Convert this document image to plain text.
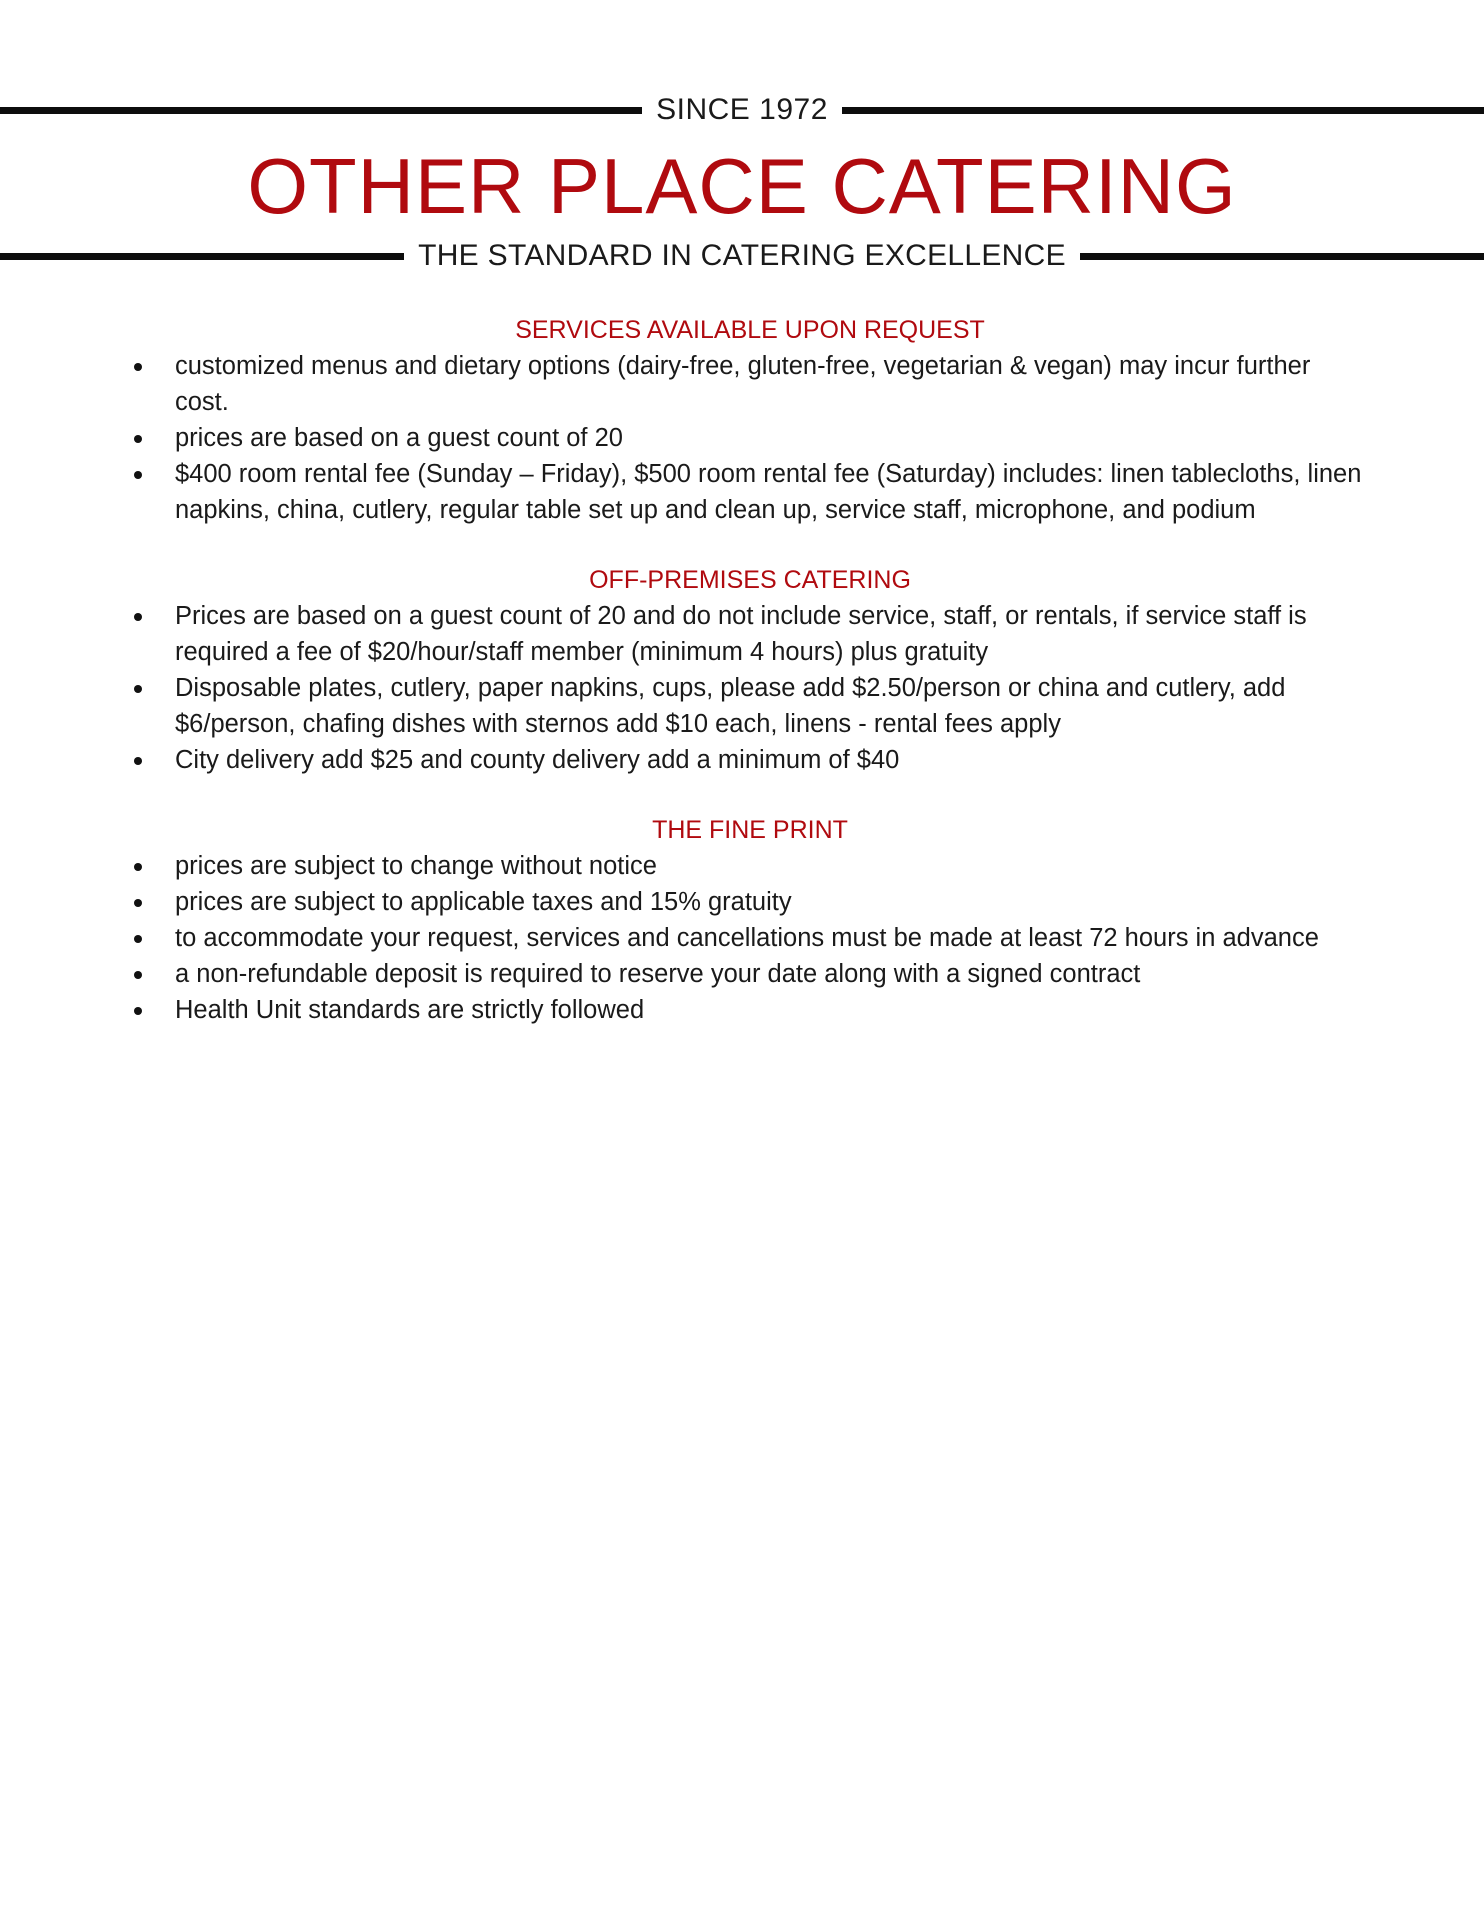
SINCE 1972
OTHER PLACE CATERING
THE STANDARD IN CATERING EXCELLENCE
SERVICES AVAILABLE UPON REQUEST
customized menus and dietary options (dairy-free, gluten-free, vegetarian & vegan) may incur further cost.
prices are based on a guest count of 20
$400 room rental fee (Sunday – Friday), $500 room rental fee (Saturday) includes: linen tablecloths, linen napkins, china, cutlery, regular table set up and clean up, service staff, microphone, and podium
OFF-PREMISES CATERING
Prices are based on a guest count of 20 and do not include service, staff, or rentals, if service staff is required a fee of $20/hour/staff member (minimum 4 hours) plus gratuity
Disposable plates, cutlery, paper napkins, cups, please add $2.50/person or china and cutlery, add $6/person, chafing dishes with sternos add $10 each, linens - rental fees apply
City delivery add $25 and county delivery add a minimum of $40
THE FINE PRINT
prices are subject to change without notice
prices are subject to applicable taxes and 15% gratuity
to accommodate your request, services and cancellations must be made at least 72 hours in advance
a non-refundable deposit is required to reserve your date along with a signed contract
Health Unit standards are strictly followed
